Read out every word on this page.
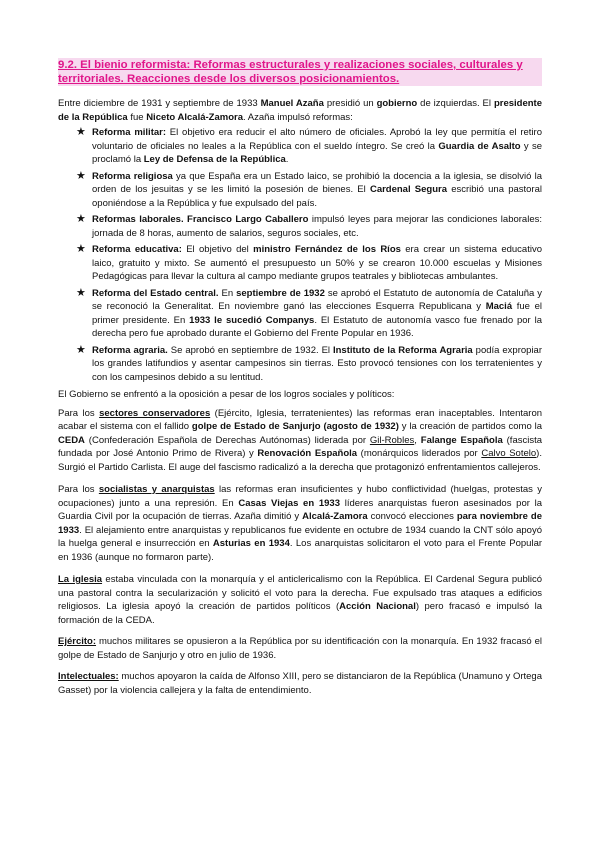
9.2. El bienio reformista: Reformas estructurales y realizaciones sociales, culturales y territoriales. Reacciones desde los diversos posicionamientos.

Entre diciembre de 1931 y septiembre de 1933 Manuel Azaña presidió un gobierno de izquierdas. El presidente de la República fue Niceto Alcalá-Zamora. Azaña impulsó reformas:

★ Reforma militar: El objetivo era reducir el alto número de oficiales. Aprobó la ley que permitía el retiro voluntario de oficiales no leales a la República con el sueldo íntegro. Se creó la Guardia de Asalto y se proclamó la Ley de Defensa de la República.
★ Reforma religiosa ya que España era un Estado laico, se prohibió la docencia a la iglesia, se disolvió la orden de los jesuitas y se les limitó la posesión de bienes. El Cardenal Segura escribió una pastoral oponiéndose a la República y fue expulsado del país.
★ Reformas laborales. Francisco Largo Caballero impulsó leyes para mejorar las condiciones laborales: jornada de 8 horas, aumento de salarios, seguros sociales, etc.
★ Reforma educativa: El objetivo del ministro Fernández de los Ríos era crear un sistema educativo laico, gratuito y mixto. Se aumentó el presupuesto un 50% y se crearon 10.000 escuelas y Misiones Pedagógicas para llevar la cultura al campo mediante grupos teatrales y bibliotecas ambulantes.
★ Reforma del Estado central. En septiembre de 1932 se aprobó el Estatuto de autonomía de Cataluña y se reconoció la Generalitat. En noviembre ganó las elecciones Esquerra Republicana y Maciá fue el primer presidente. En 1933 le sucedió Companys. El Estatuto de autonomía vasco fue frenado por la derecha pero fue aprobado durante el Gobierno del Frente Popular en 1936.
★ Reforma agraria. Se aprobó en septiembre de 1932. El Instituto de la Reforma Agraria podía expropiar los grandes latifundios y asentar campesinos sin tierras. Esto provocó tensiones con los terratenientes y con los campesinos debido a su lentitud.

El Gobierno se enfrentó a la oposición a pesar de los logros sociales y políticos:

Para los sectores conservadores (Ejército, Iglesia, terratenientes) las reformas eran inaceptables. Intentaron acabar el sistema con el fallido golpe de Estado de Sanjurjo (agosto de 1932) y la creación de partidos como la CEDA (Confederación Española de Derechas Autónomas) liderada por Gil-Robles, Falange Española (fascista fundada por José Antonio Primo de Rivera) y Renovación Española (monárquicos liderados por Calvo Sotelo). Surgió el Partido Carlista. El auge del fascismo radicalizó a la derecha que protagonizó enfrentamientos callejeros.

Para los socialistas y anarquistas las reformas eran insuficientes y hubo conflictividad (huelgas, protestas y ocupaciones) junto a una represión. En Casas Viejas en 1933 líderes anarquistas fueron asesinados por la Guardia Civil por la ocupación de tierras. Azaña dimitió y Alcalá-Zamora convocó elecciones para noviembre de 1933. El alejamiento entre anarquistas y republicanos fue evidente en octubre de 1934 cuando la CNT sólo apoyó la huelga general e insurrección en Asturias en 1934. Los anarquistas solicitaron el voto para el Frente Popular en 1936 (aunque no formaron parte).

La iglesia estaba vinculada con la monarquía y el anticlericalismo con la República. El Cardenal Segura publicó una pastoral contra la secularización y solicitó el voto para la derecha. Fue expulsado tras ataques a edificios religiosos. La iglesia apoyó la creación de partidos políticos (Acción Nacional) pero fracasó e impulsó la formación de la CEDA.

Ejército: muchos militares se opusieron a la República por su identificación con la monarquía. En 1932 fracasó el golpe de Estado de Sanjurjo y otro en julio de 1936.

Intelectuales: muchos apoyaron la caída de Alfonso XIII, pero se distanciaron de la República (Unamuno y Ortega Gasset) por la violencia callejera y la falta de entendimiento.
